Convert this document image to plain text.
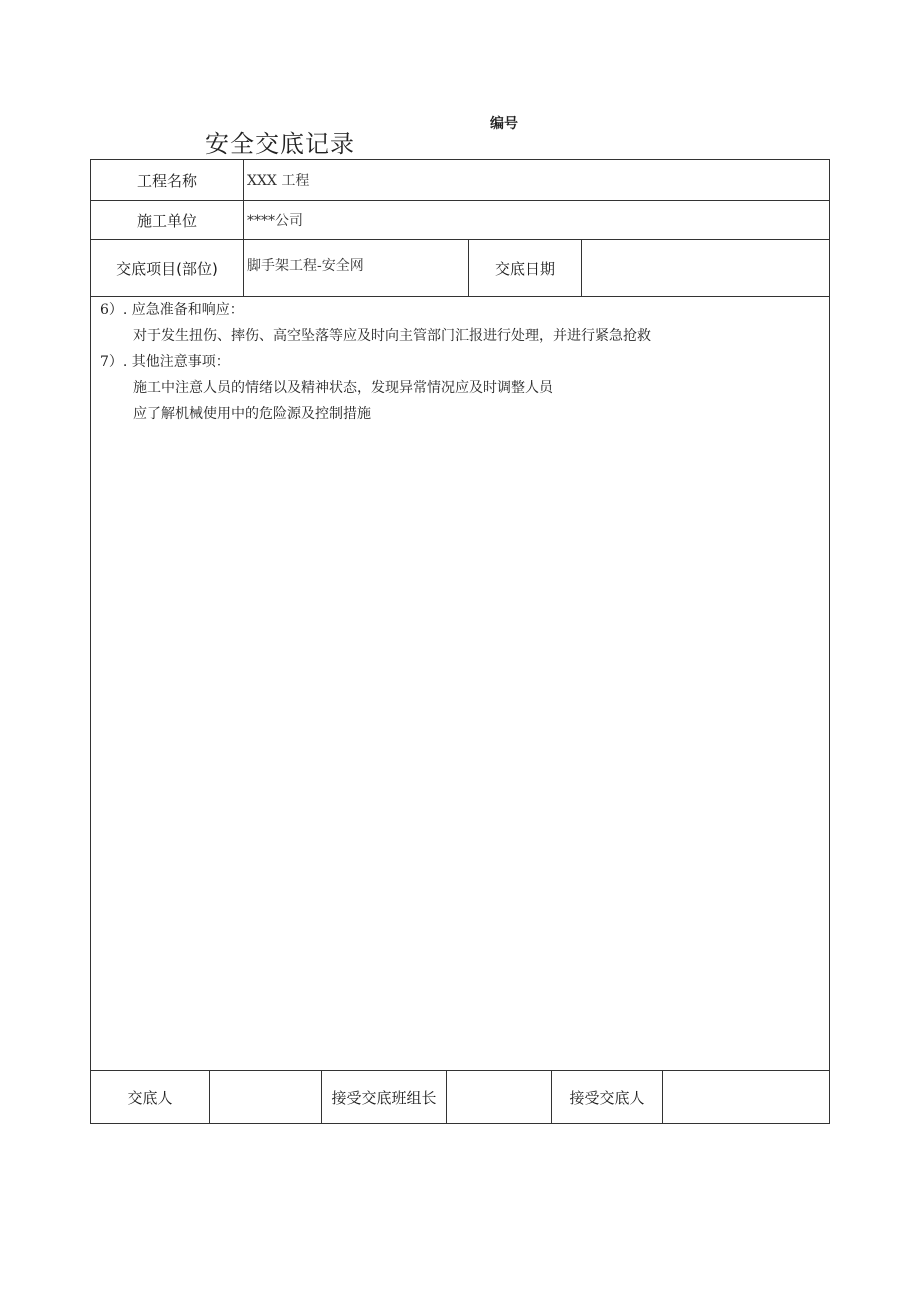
安全交底记录
编号
工程名称	XXX 工程
施工单位	****公司
交底项目(部位)	脚手架工程-安全网	交底日期
6）. 应急准备和响应：
对于发生扭伤、摔伤、高空坠落等应及时向主管部门汇报进行处理，并进行紧急抢救
7）. 其他注意事项：
施工中注意人员的情绪以及精神状态，发现异常情况应及时调整人员
应了解机械使用中的危险源及控制措施
交底人	接受交底班组长	接受交底人
